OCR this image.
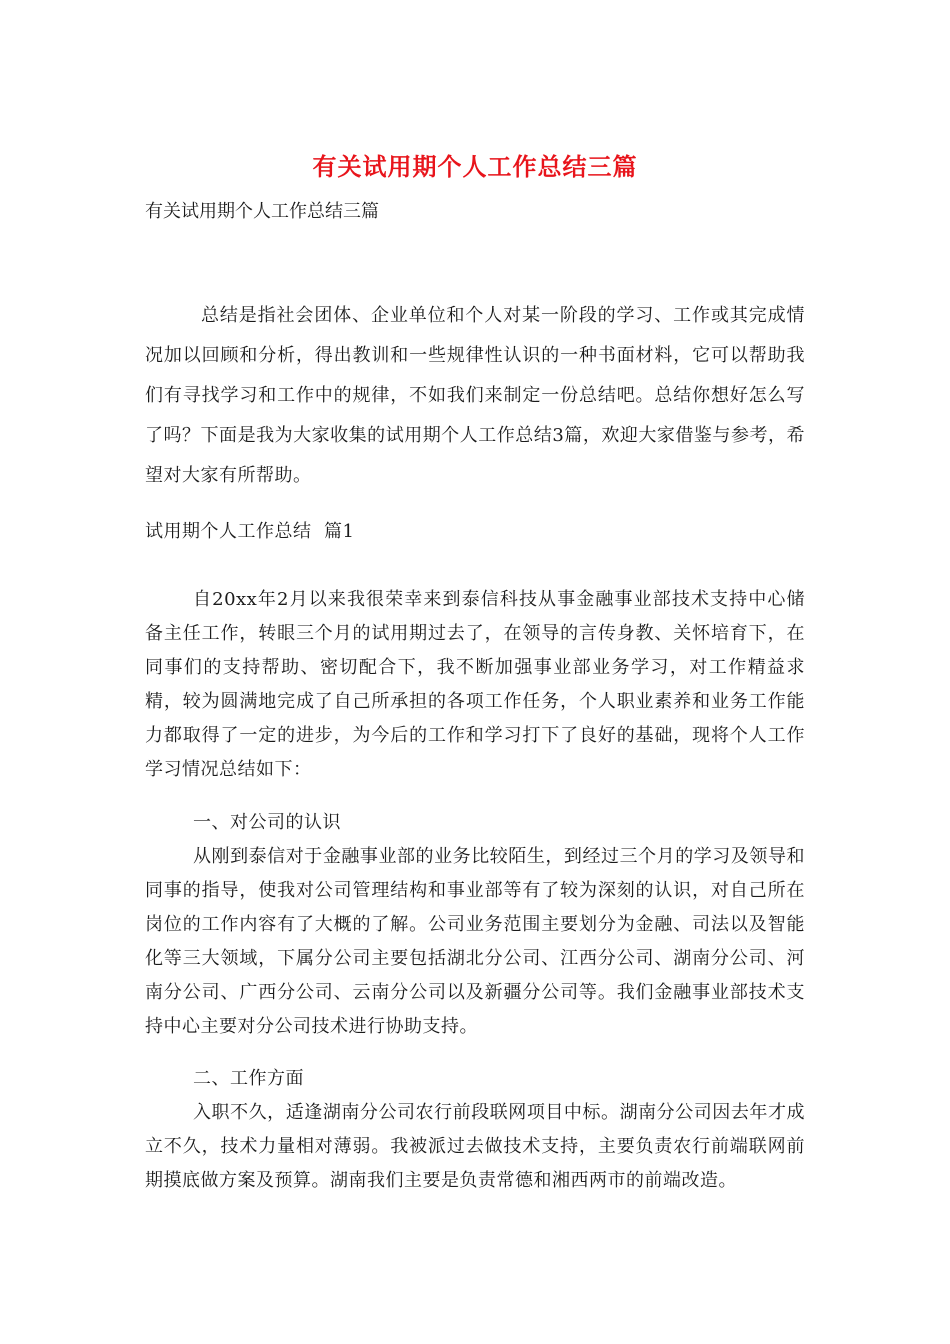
有关试用期个人工作总结三篇
有关试用期个人工作总结三篇

总结是指社会团体、企业单位和个人对某一阶段的学习、工作或其完成情况加以回顾和分析，得出教训和一些规律性认识的一种书面材料，它可以帮助我们有寻找学习和工作中的规律，不如我们来制定一份总结吧。总结你想好怎么写了吗？下面是我为大家收集的试用期个人工作总结3篇，欢迎大家借鉴与参考，希望对大家有所帮助。

试用期个人工作总结  篇1

自20xx年2月以来我很荣幸来到泰信科技从事金融事业部技术支持中心储备主任工作，转眼三个月的试用期过去了，在领导的言传身教、关怀培育下，在同事们的支持帮助、密切配合下，我不断加强事业部业务学习，对工作精益求精，较为圆满地完成了自己所承担的各项工作任务，个人职业素养和业务工作能力都取得了一定的进步，为今后的工作和学习打下了良好的基础，现将个人工作学习情况总结如下：

一、对公司的认识

从刚到泰信对于金融事业部的业务比较陌生，到经过三个月的学习及领导和同事的指导，使我对公司管理结构和事业部等有了较为深刻的认识，对自己所在岗位的工作内容有了大概的了解。公司业务范围主要划分为金融、司法以及智能化等三大领域，下属分公司主要包括湖北分公司、江西分公司、湖南分公司、河南分公司、广西分公司、云南分公司以及新疆分公司等。我们金融事业部技术支持中心主要对分公司技术进行协助支持。

二、工作方面

入职不久，适逢湖南分公司农行前段联网项目中标。湖南分公司因去年才成立不久，技术力量相对薄弱。我被派过去做技术支持，主要负责农行前端联网前期摸底做方案及预算。湖南我们主要是负责常德和湘西两市的前端改造。
